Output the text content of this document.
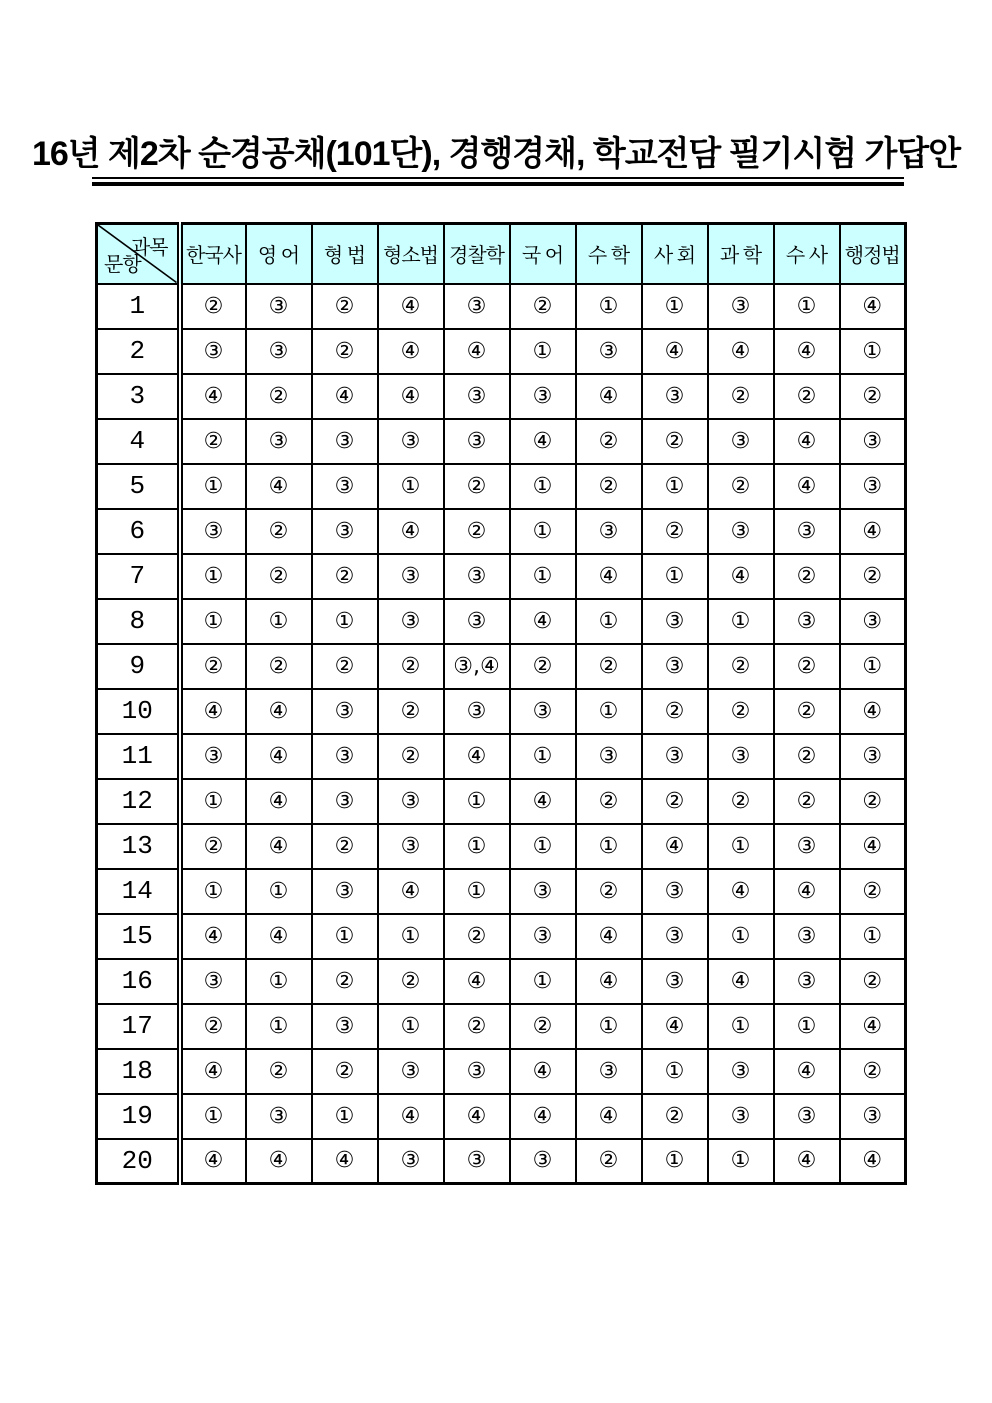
16년 제2차 순경공채(101단), 경행경채, 학교전담 필기시험 가답안
과목
문항	한국사	영 어	형 법	형소법	경찰학	국 어	수 학	사 회	과 학	수 사	행정법
1	②	③	②	④	③	②	①	①	③	①	④
2	③	③	②	④	④	①	③	④	④	④	①
3	④	②	④	④	③	③	④	③	②	②	②
4	②	③	③	③	③	④	②	②	③	④	③
5	①	④	③	①	②	①	②	①	②	④	③
6	③	②	③	④	②	①	③	②	③	③	④
7	①	②	②	③	③	①	④	①	④	②	②
8	①	①	①	③	③	④	①	③	①	③	③
9	②	②	②	②	③,④	②	②	③	②	②	①
10	④	④	③	②	③	③	①	②	②	②	④
11	③	④	③	②	④	①	③	③	③	②	③
12	①	④	③	③	①	④	②	②	②	②	②
13	②	④	②	③	①	①	①	④	①	③	④
14	①	①	③	④	①	③	②	③	④	④	②
15	④	④	①	①	②	③	④	③	①	③	①
16	③	①	②	②	④	①	④	③	④	③	②
17	②	①	③	①	②	②	①	④	①	①	④
18	④	②	②	③	③	④	③	①	③	④	②
19	①	③	①	④	④	④	④	②	③	③	③
20	④	④	④	③	③	③	②	①	①	④	④
